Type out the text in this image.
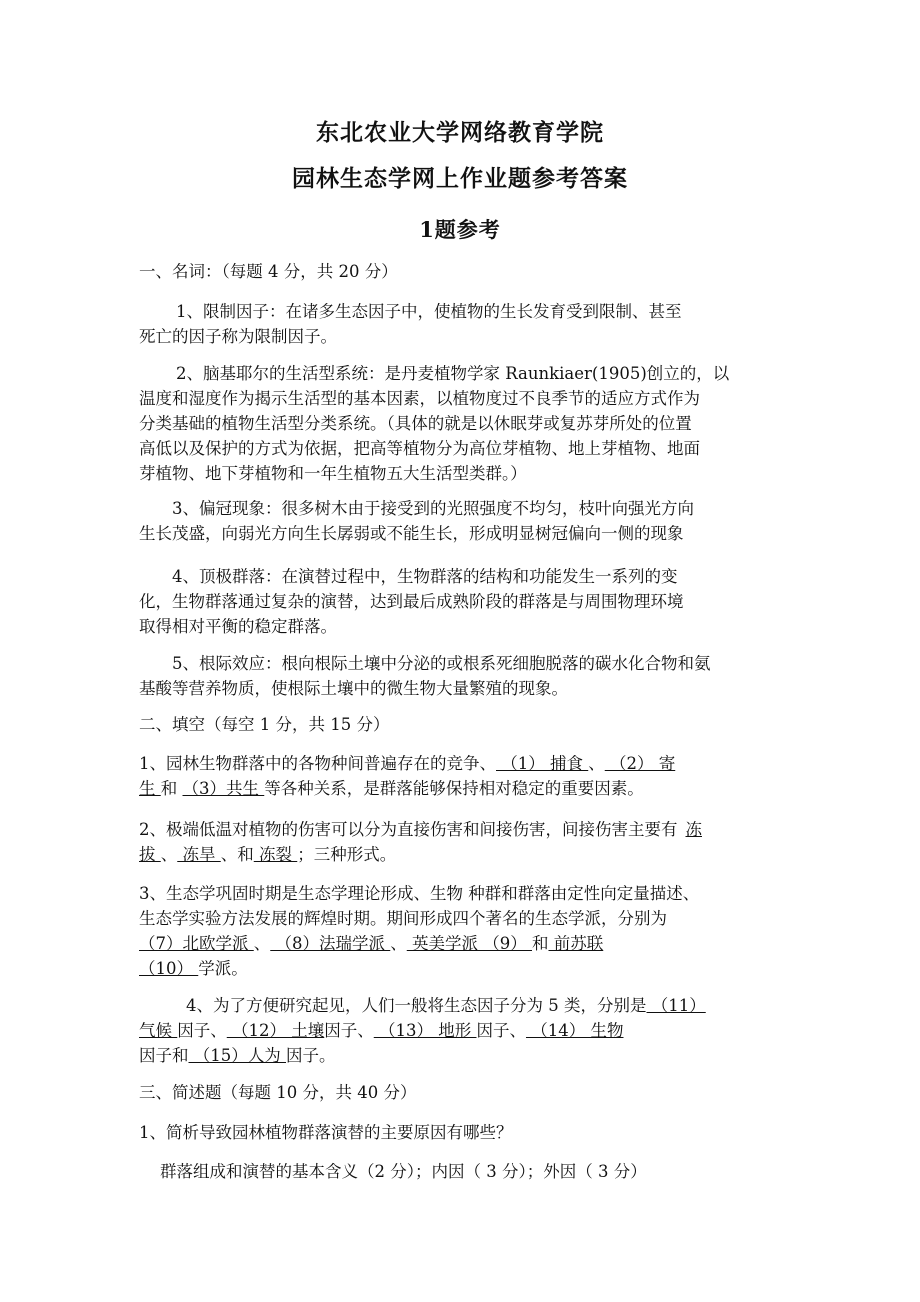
东北农业大学网络教育学院
园林生态学网上作业题参考答案
1题参考
一、名词：（每题 4 分，共 20 分）
1、限制因子：在诸多生态因子中，使植物的生长发育受到限制、甚至
死亡的因子称为限制因子。
2、脑基耶尔的生活型系统：是丹麦植物学家 Raunkiaer(1905)创立的，以
温度和湿度作为揭示生活型的基本因素，以植物度过不良季节的适应方式作为
分类基础的植物生活型分类系统。（具体的就是以休眠芽或复苏芽所处的位置
高低以及保护的方式为依据，把高等植物分为高位芽植物、地上芽植物、地面
芽植物、地下芽植物和一年生植物五大生活型类群。）
3、偏冠现象：很多树木由于接受到的光照强度不均匀，枝叶向强光方向
生长茂盛，向弱光方向生长孱弱或不能生长，形成明显树冠偏向一侧的现象
4、顶极群落：在演替过程中，生物群落的结构和功能发生一系列的变
化，生物群落通过复杂的演替，达到最后成熟阶段的群落是与周围物理环境
取得相对平衡的稳定群落。
5、根际效应：根向根际土壤中分泌的或根系死细胞脱落的碳水化合物和氨
基酸等营养物质，使根际土壤中的微生物大量繁殖的现象。
二、填空（每空 1 分，共 15 分）
1、园林生物群落中的各物种间普遍存在的竞争、 （1） 捕食 、 （2） 寄
生 和 （3）共生 等各种关系，是群落能够保持相对稳定的重要因素。
2、极端低温对植物的伤害可以分为直接伤害和间接伤害，间接伤害主要有 冻
拔 、 冻旱 、和 冻裂 ；三种形式。
3、生态学巩固时期是生态学理论形成、生物 种群和群落由定性向定量描述、
生态学实验方法发展的辉煌时期。期间形成四个著名的生态学派，分别为
（7）北欧学派 、 （8）法瑞学派 、 英美学派 （9） 和 前苏联
（10） 学派。
4、为了方便研究起见，人们一般将生态因子分为 5 类，分别是 （11）
气候 因子、 （12） 土壤因子、 （13） 地形 因子、 （14） 生物
因子和 （15）人为 因子。
三、简述题（每题 10 分，共 40 分）
1、简析导致园林植物群落演替的主要原因有哪些？
群落组成和演替的基本含义（2 分）；内因（ 3 分）；外因（ 3 分）
